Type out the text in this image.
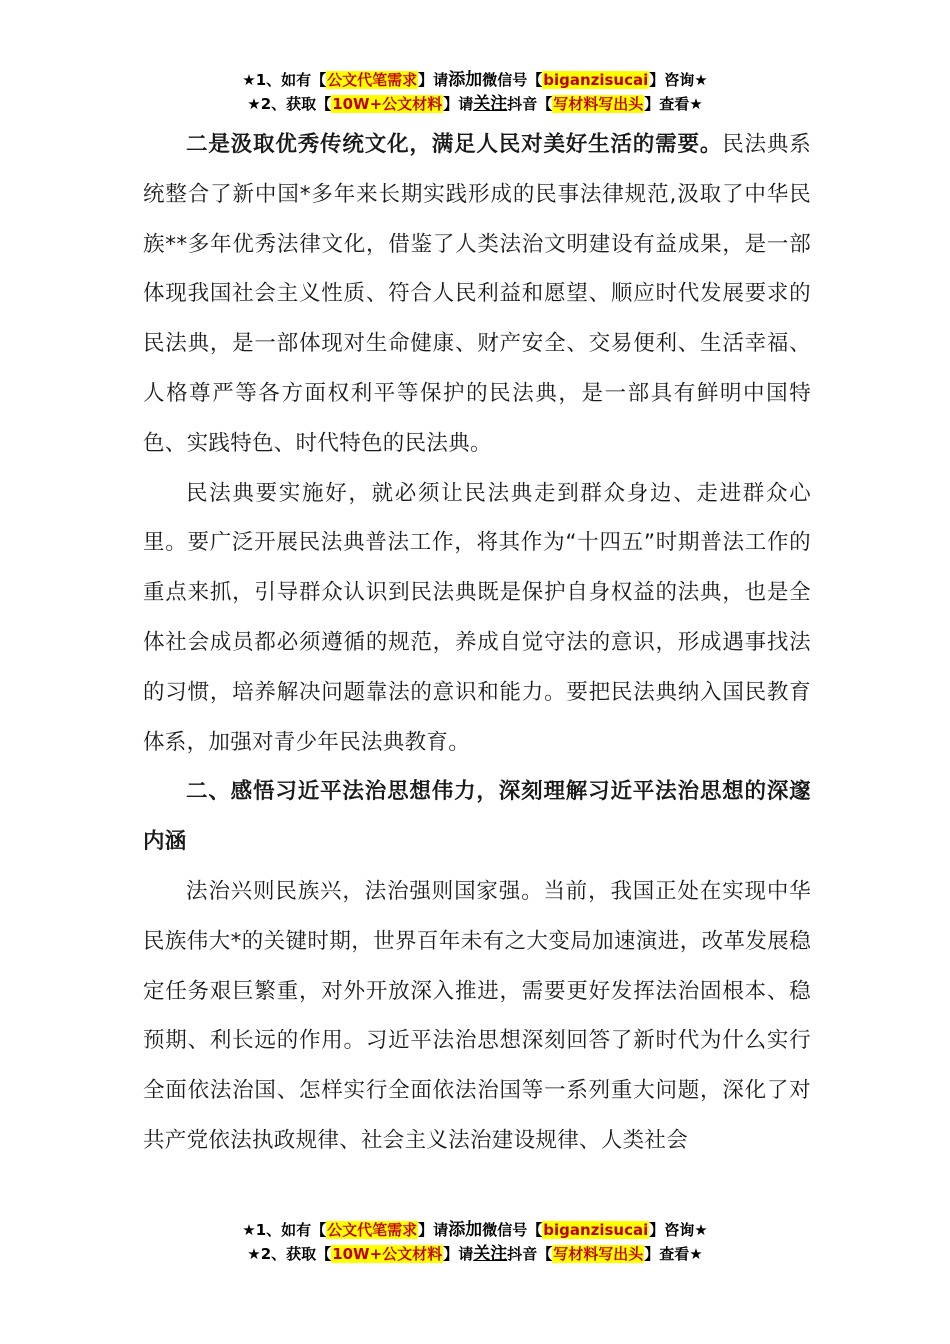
★1、如有【公文代笔需求】请添加微信号【biganzisucai】咨询★
★2、获取【10W+公文材料】请关注抖音【写材料写出头】查看★

二是汲取优秀传统文化，满足人民对美好生活的需要。民法典系统整合了新中国*多年来长期实践形成的民事法律规范,汲取了中华民族**多年优秀法律文化，借鉴了人类法治文明建设有益成果，是一部体现我国社会主义性质、符合人民利益和愿望、顺应时代发展要求的民法典，是一部体现对生命健康、财产安全、交易便利、生活幸福、人格尊严等各方面权利平等保护的民法典，是一部具有鲜明中国特色、实践特色、时代特色的民法典。

民法典要实施好，就必须让民法典走到群众身边、走进群众心里。要广泛开展民法典普法工作，将其作为“十四五”时期普法工作的重点来抓，引导群众认识到民法典既是保护自身权益的法典，也是全体社会成员都必须遵循的规范，养成自觉守法的意识，形成遇事找法的习惯，培养解决问题靠法的意识和能力。要把民法典纳入国民教育体系，加强对青少年民法典教育。

二、感悟习近平法治思想伟力，深刻理解习近平法治思想的深邃内涵

法治兴则民族兴，法治强则国家强。当前，我国正处在实现中华民族伟大*的关键时期，世界百年未有之大变局加速演进，改革发展稳定任务艰巨繁重，对外开放深入推进，需要更好发挥法治固根本、稳预期、利长远的作用。习近平法治思想深刻回答了新时代为什么实行全面依法治国、怎样实行全面依法治国等一系列重大问题，深化了对共产党依法执政规律、社会主义法治建设规律、人类社会

★1、如有【公文代笔需求】请添加微信号【biganzisucai】咨询★
★2、获取【10W+公文材料】请关注抖音【写材料写出头】查看★
